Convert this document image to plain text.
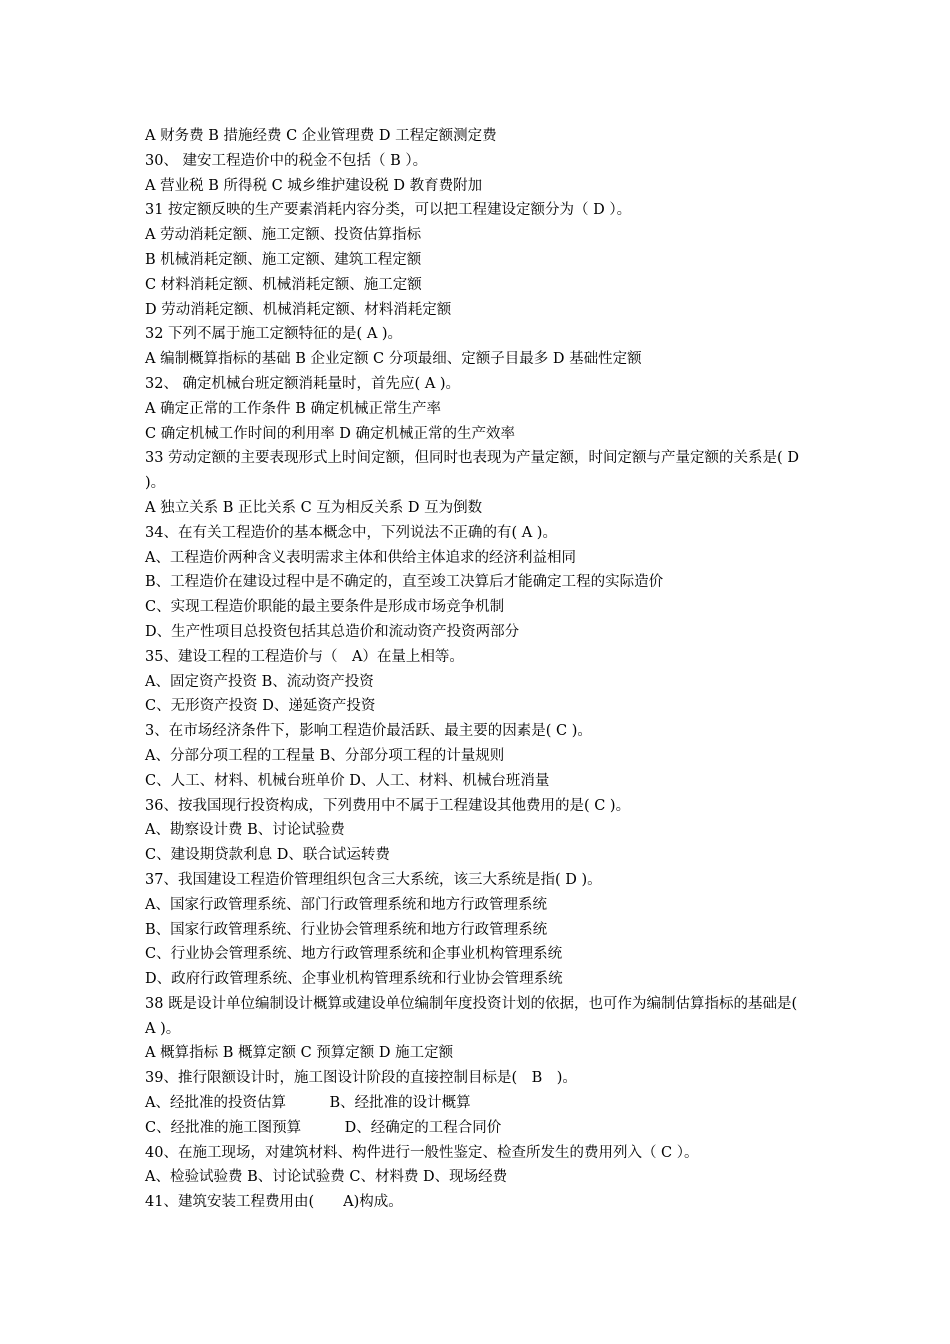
A 财务费 B 措施经费 C 企业管理费 D 工程定额测定费

30、 建安工程造价中的税金不包括（ B ）。

A 营业税 B 所得税 C 城乡维护建设税 D 教育费附加

31 按定额反映的生产要素消耗内容分类，可以把工程建设定额分为（ D ）。

A 劳动消耗定额、施工定额、投资估算指标

B 机械消耗定额、施工定额、建筑工程定额

C 材料消耗定额、机械消耗定额、施工定额

D 劳动消耗定额、机械消耗定额、材料消耗定额

32 下列不属于施工定额特征的是( A )。

A 编制概算指标的基础 B 企业定额 C 分项最细、定额子目最多 D 基础性定额

32、 确定机械台班定额消耗量时，首先应( A )。

A 确定正常的工作条件 B 确定机械正常生产率

C 确定机械工作时间的利用率 D 确定机械正常的生产效率

33 劳动定额的主要表现形式上时间定额，但同时也表现为产量定额，时间定额与产量定额的关系是( D )。

A 独立关系 B 正比关系 C 互为相反关系 D 互为倒数

34、在有关工程造价的基本概念中，下列说法不正确的有( A )。

A、工程造价两种含义表明需求主体和供给主体追求的经济利益相同

B、工程造价在建设过程中是不确定的，直至竣工决算后才能确定工程的实际造价

C、实现工程造价职能的最主要条件是形成市场竞争机制

D、生产性项目总投资包括其总造价和流动资产投资两部分

35、建设工程的工程造价与（　A）在量上相等。

A、固定资产投资 B、流动资产投资

C、无形资产投资 D、递延资产投资

3、在市场经济条件下，影响工程造价最活跃、最主要的因素是( C )。

A、分部分项工程的工程量 B、分部分项工程的计量规则

C、人工、材料、机械台班单价 D、人工、材料、机械台班消量

36、按我国现行投资构成，下列费用中不属于工程建设其他费用的是( C )。

A、勘察设计费 B、讨论试验费

C、建设期贷款利息 D、联合试运转费

37、我国建设工程造价管理组织包含三大系统，该三大系统是指( D )。

A、国家行政管理系统、部门行政管理系统和地方行政管理系统

B、国家行政管理系统、行业协会管理系统和地方行政管理系统

C、行业协会管理系统、地方行政管理系统和企事业机构管理系统

D、政府行政管理系统、企事业机构管理系统和行业协会管理系统

38 既是设计单位编制设计概算或建设单位编制年度投资计划的依据，也可作为编制估算指标的基础是( A )。

A 概算指标 B 概算定额 C 预算定额 D 施工定额

39、推行限额设计时，施工图设计阶段的直接控制目标是(　B　)。

A、经批准的投资估算　　　B、经批准的设计概算

C、经批准的施工图预算　　　D、经确定的工程合同价

40、在施工现场，对建筑材料、构件进行一般性鉴定、检查所发生的费用列入（ C ）。

A、检验试验费 B、讨论试验费 C、材料费 D、现场经费

41、建筑安装工程费用由(　　A)构成。
